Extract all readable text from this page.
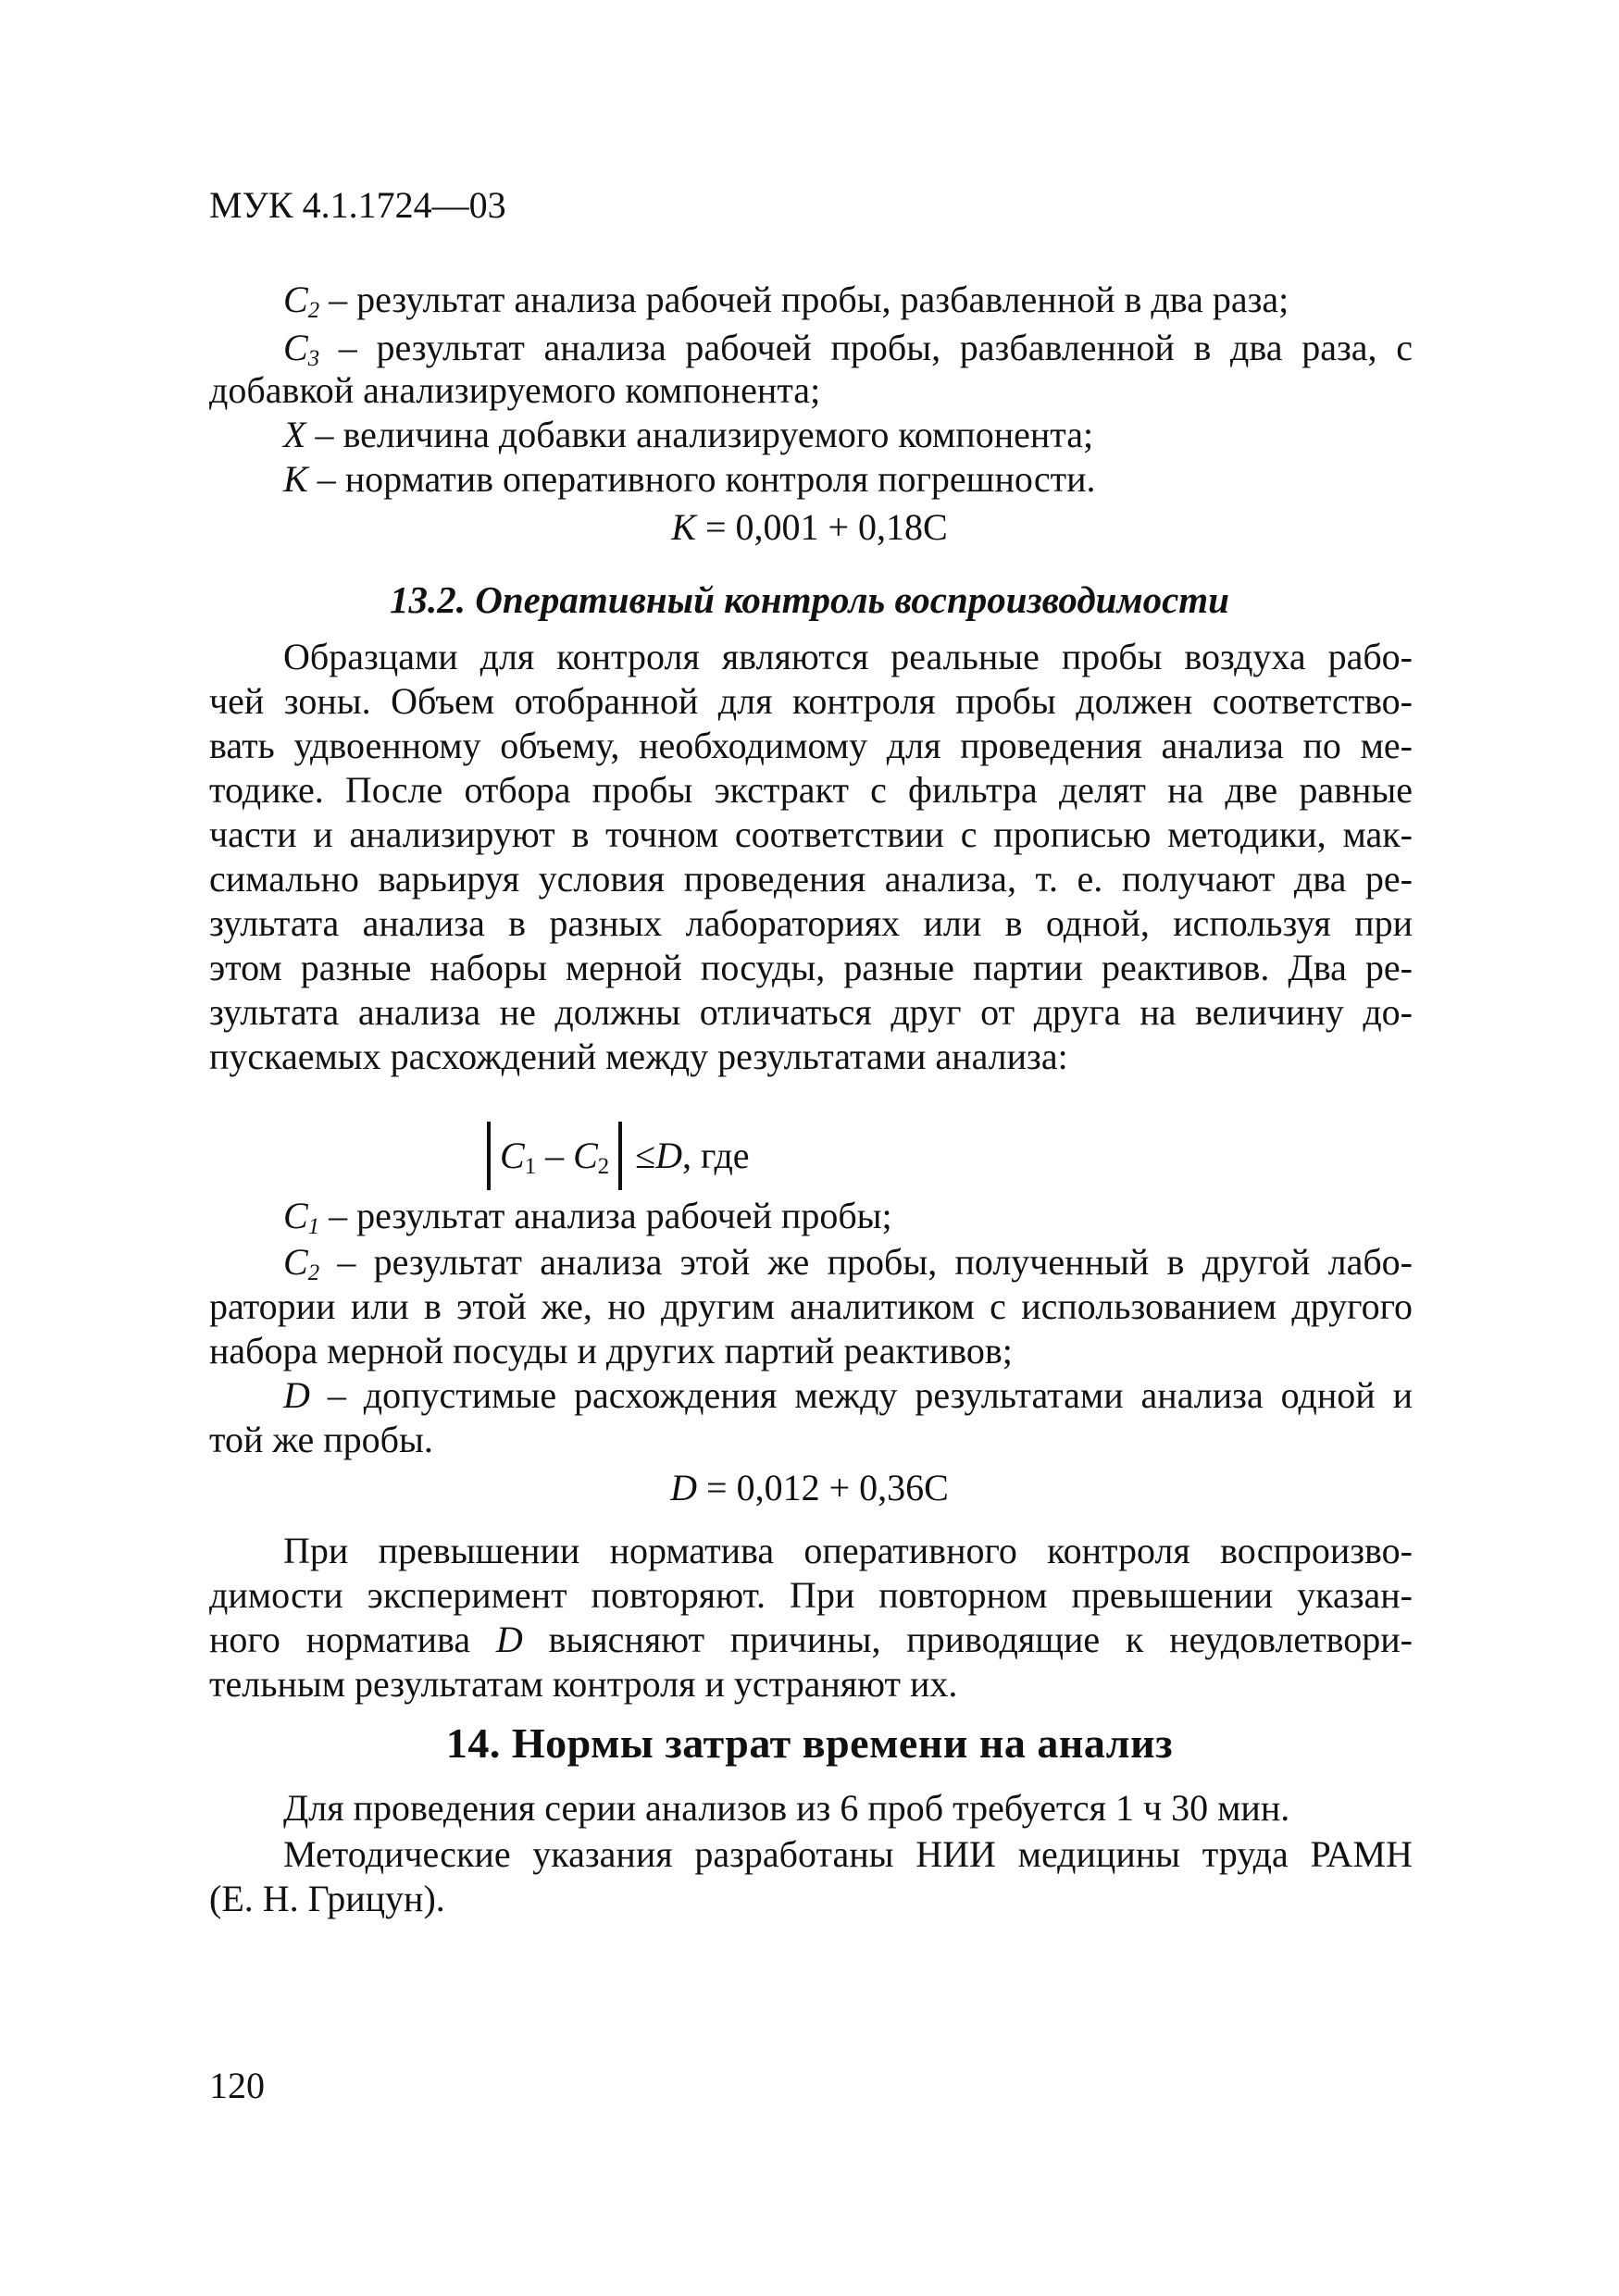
МУК 4.1.1724—03
$C_2$ – результат анализа рабочей пробы, разбавленной в два раза;
$C_3$ – результат анализа рабочей пробы, разбавленной в два раза, с
добавкой анализируемого компонента;
X – величина добавки анализируемого компонента;
K – норматив оперативного контроля погрешности.
K = 0,001 + 0,18C
13.2. Оперативный контроль воспроизводимости
Образцами для контроля являются реальные пробы воздуха рабо-
чей зоны. Объем отобранной для контроля пробы должен соответство-
вать удвоенному объему, необходимому для проведения анализа по ме-
тодике. После отбора пробы экстракт с фильтра делят на две равные
части и анализируют в точном соответствии с прописью методики, мак-
симально варьируя условия проведения анализа, т. е. получают два ре-
зультата анализа в разных лабораториях или в одной, используя при
этом разные наборы мерной посуды, разные партии реактивов. Два ре-
зультата анализа не должны отличаться друг от друга на величину до-
пускаемых расхождений между результатами анализа:
$C_1 - C_2 \le D$, где
$C_1$ – результат анализа рабочей пробы;
$C_2$ – результат анализа этой же пробы, полученный в другой лабо-
ратории или в этой же, но другим аналитиком с использованием другого
набора мерной посуды и других партий реактивов;
D – допустимые расхождения между результатами анализа одной и
той же пробы.
D = 0,012 + 0,36C
При превышении норматива оперативного контроля воспроизво-
димости эксперимент повторяют. При повторном превышении указан-
ного норматива D выясняют причины, приводящие к неудовлетвори-
тельным результатам контроля и устраняют их.
14. Нормы затрат времени на анализ
Для проведения серии анализов из 6 проб требуется 1 ч 30 мин.
Методические указания разработаны НИИ медицины труда РАМН
(Е. Н. Грицун).
120
